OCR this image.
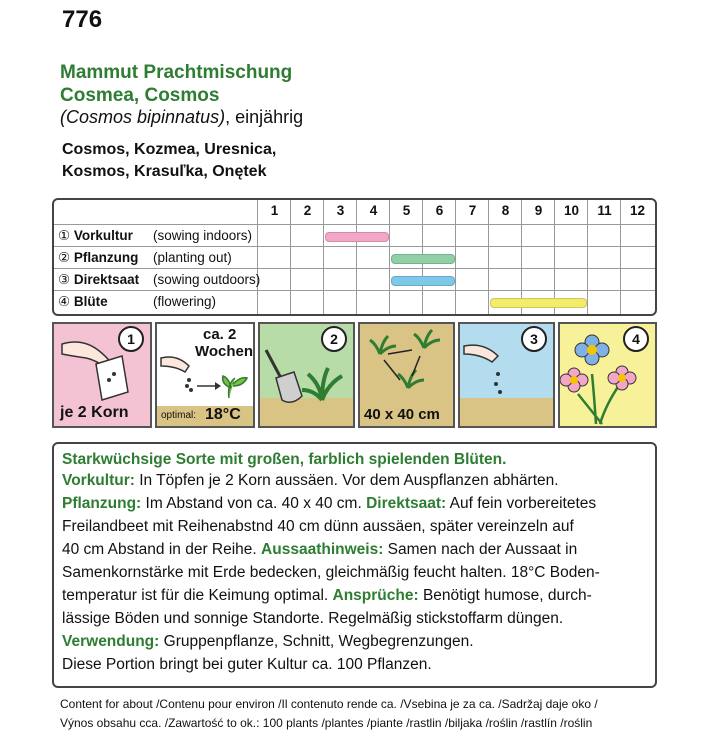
776
Mammut Prachtmischung
Cosmea, Cosmos
(Cosmos bipinnatus), einjährig
Cosmos, Kozmea, Uresnica,
Kosmos, Krasuľka, Onętek
1	2	3	4	5	6	7	8	9	10	11	12
① Vorkultur (sowing indoors)
② Pflanzung (planting out)
③ Direktsaat (sowing outdoors)
④ Blüte	(flowering)
1
je 2 Korn
ca. 2
Wochen
optimal: 18°C
2
40 x 40 cm
3	4
Starkwüchsige Sorte mit großen, farblich spielenden Blüten.
Vorkultur: In Töpfen je 2 Korn aussäen. Vor dem Auspflanzen abhärten.
Pflanzung: Im Abstand von ca. 40 x 40 cm. Direktsaat: Auf fein vorbereitetes
Freilandbeet mit Reihenabstnd 40 cm dünn aussäen, später vereinzeln auf
40 cm Abstand in der Reihe. Aussaathinweis: Samen nach der Aussaat in
Samenkornstärke mit Erde bedecken, gleichmäßig feucht halten. 18°C Boden-
temperatur ist für die Keimung optimal. Ansprüche: Benötigt humose, durch-
lässige Böden und sonnige Standorte. Regelmäßig stickstoffarm düngen.
Verwendung: Gruppenpflanze, Schnitt, Wegbegrenzungen.
Diese Portion bringt bei guter Kultur ca. 100 Pflanzen.
Content for about /Contenu pour environ /Il contenuto rende ca. /Vsebina je za ca. /Sadržaj daje oko /
Výnos obsahu cca. /Zawartość to ok.: 100 plants /plantes /piante /rastlin /biljaka /roślin /rastlín /roślin
